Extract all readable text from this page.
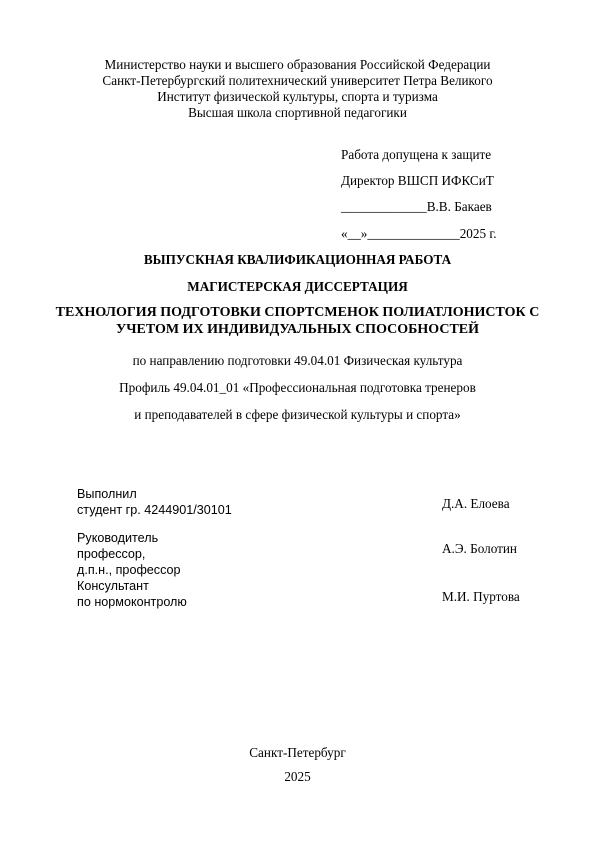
Министерство науки и высшего образования Российской Федерации
Санкт-Петербургский политехнический университет Петра Великого
Институт физической культуры, спорта и туризма
Высшая школа спортивной педагогики
Работа допущена к защите
Директор ВШСП ИФКСиТ
_____________В.В. Бакаев
«__»______________2025 г.
ВЫПУСКНАЯ КВАЛИФИКАЦИОННАЯ РАБОТА
МАГИСТЕРСКАЯ ДИССЕРТАЦИЯ
ТЕХНОЛОГИЯ ПОДГОТОВКИ СПОРТСМЕНОК ПОЛИАТЛОНИСТОК С
УЧЕТОМ ИХ ИНДИВИДУАЛЬНЫХ СПОСОБНОСТЕЙ
по направлению подготовки 49.04.01 Физическая культура
Профиль 49.04.01_01 «Профессиональная подготовка тренеров
и преподавателей в сфере физической культуры и спорта»
Выполнил
студент гр. 4244901/30101	Д.А. Елоева
Руководитель
профессор,
д.п.н., профессор
А.Э. Болотин
Консультант
по нормоконтролю	М.И. Пуртова
Санкт-Петербург
2025
